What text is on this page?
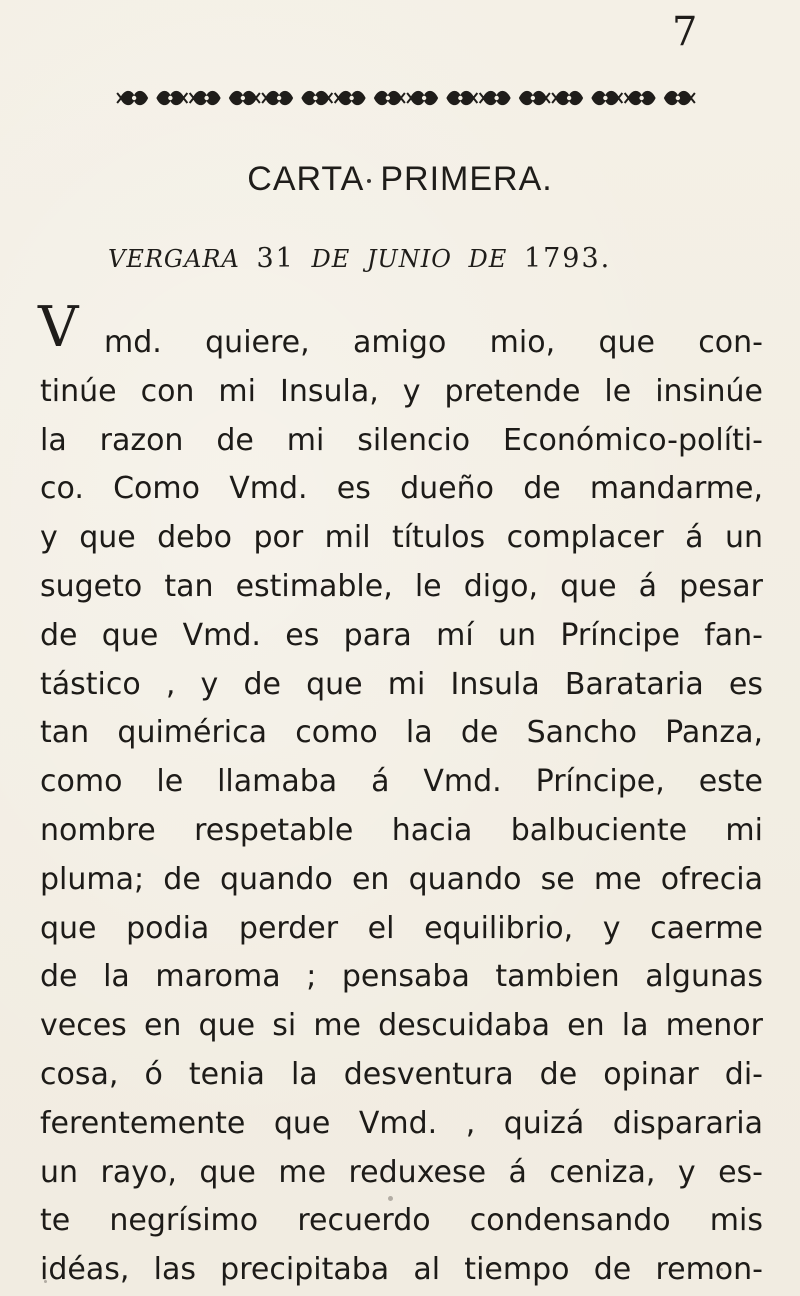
7
CARTA PRIMERA.
VERGARA 31 DE JUNIO DE 1793.
V md. quiere, amigo mio, que con-
tinúe con mi Insula, y pretende le insinúe
la razon de mi silencio Económico-políti-
co. Como Vmd. es dueño de mandarme,
y que debo por mil títulos complacer á un
sugeto tan estimable, le digo, que á pesar
de que Vmd. es para mí un Príncipe fan-
tástico , y de que mi Insula Barataria es
tan quimérica como la de Sancho Panza,
como le llamaba á Vmd. Príncipe, este
nombre respetable hacia balbuciente mi
pluma; de quando en quando se me ofrecia
que podia perder el equilibrio, y caerme
de la maroma ; pensaba tambien algunas
veces en que si me descuidaba en la menor
cosa, ó tenia la desventura de opinar di-
ferentemente que Vmd. , quizá dispararia
un rayo, que me reduxese á ceniza, y es-
te negrísimo recuerdo condensando mis
idéas, las precipitaba al tiempo de remon-
